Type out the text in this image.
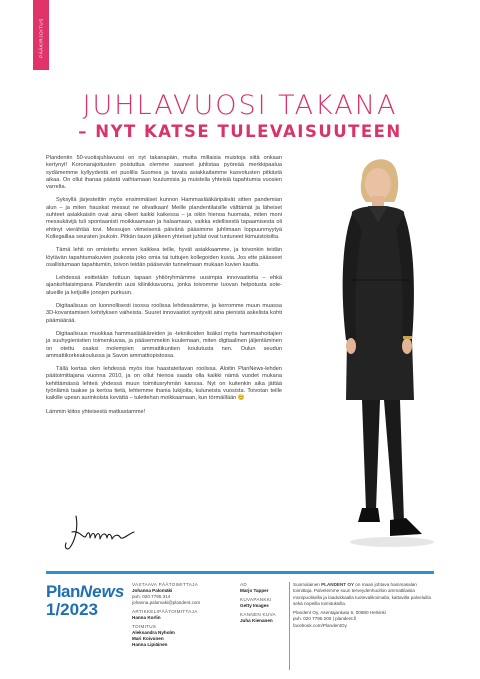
PÄÄKIRJOITUS
JUHLAVUOSI TAKANA
– NYT KATSE TULEVAISUUTEEN

Plandentin 50-vuotisjuhlavuosi on nyt takanapäin, mutta millaisia muistoja siitä onkaan kertynyt! Koronarajoitusten poistuttua olemme saaneet juhlistaa pyöreää merkkipaalua sydämemme kyllyydestä eri puolilla Suomea ja tavata asiakkaitamme kasvotusten pitkästä aikaa. On ollut ihanaa päästä vaihtamaan kuulumisia ja muistella yhteisiä tapahtumia vuosien varrelta.

Syksyllä järjestettiin myös ensimmäiset kunnon Hammaslääkäripäivät sitten pandemian alun – ja miten hauskat messut ne olivatkaan! Meille plandentilaisille välttämät ja läheiset suhteet asiakkaisiin ovat aina olleet kaikki kaikessa – ja oikin hienoa huomata, miten moni messukävijä tuli spontaanisti moikkaamaan ja halaamaan, vaikka edellisestä tapaamisesta oli ehtinyt vierähtää tovi. Messujen viimeisenä päivänä pääsimme juhlimaan loppuunmyytyä Kollegaillaa seuraten joukoin. Pitkän tauon jälkeen yhteiset juhlat ovat tuntuneet ikimuistoisilta.

Tämä lehti on omistettu ennen kaikkea teille, hyvät asiakkaamme, ja toivonkin teidän löytävän tapahtumakuvien joukosta joko omia tai tuttujen kollegoiden kuvia. Jos ette päässeet osallistumaan tapahtumiin, toivon teidän pääsevän tunnelmaan mukaan kuvien kautta.

Lehdessä esittelään tuttuun tapaan yhtiöryhmämme uusimpia innovaatioita – ehkä ajankohtaisimpana Plandentin uusi kliinikkavuonu, jonka toivomme tuovan helpotusta sote-alueille ja ketjuille jonojen purkuun.

Digitaalisuus on luonnollisesti isossa roolissa lehdessämme, ja kerromme muun muassa 3D-kovantamisen kehityksen vaiheista. Suuret innovaatiot syntyvät aina pienistä askelista kohti päämäärää.

Digitaalisuus muokkaa hammaslääkäreiden ja -teknikoiden lisäksi myös hammashoitajien ja suuhygienistien toimenkuvaa, ja pääsemmekin kuulemaan, miten digitaalinen jäljentäminen on otettu osaksi molempien ammattikuntien koulutusta nen. Oulun seudun ammattikorkeakoulussa ja Savon ammattiopistossa.

Tällä kertaa olen lehdessä myös itse haastateltavan roolissa. Aloitin PlanNews-lehden päätoimittajana vuonna 2010, ja on ollut hienoa saada olla kaikki nämä vuodet mukana kehittämässä lehteä yhdessä muun toimitusryhmän kanssa. Nyt on kuitenkin aika jättää työnlämä taakse ja kertoa tietä, lehtemme ihania lukijoita, kuluneista vuosista. Toivotan teille kaikille upean aurinkoista kevättä – tulettehan moikkaamaan, kun törmäillään 😊

Lämmin kiitos yhteisestä matkastamme!

PlanNews
1/2023
VASTAAVA PÄÄTOIMITTAJA
Johanna Palomäki
puh. 020 7795 314
johanna.palomaki@plandent.com
ARTIKKELIPÄÄTOIMITTAJA
Hanna Korlin
TOIMITUS
Aleksandra Nyholm
Mari Koivunen
Hanna Lipiäinen
AD
Marjo Tapper
KUVAPANKKI
Getty Images
KANNEN KUVA
Juha Kienanen
Suomalainen PLANDENT OY on maan johtava hammasalan toimittaja. Palvelemme suun terveydenhuollon ammattilaisia monipuolisella ja laadukkaalla tuotevalikoimalla, kattavilla palveluilla sekä nopeilla toimituksilla.
Plandent Oy, Asentajankatu 6, 00880 Helsinki
puh. 020 7795 200 | plandent.fi
facebook.com/PlandentOy
